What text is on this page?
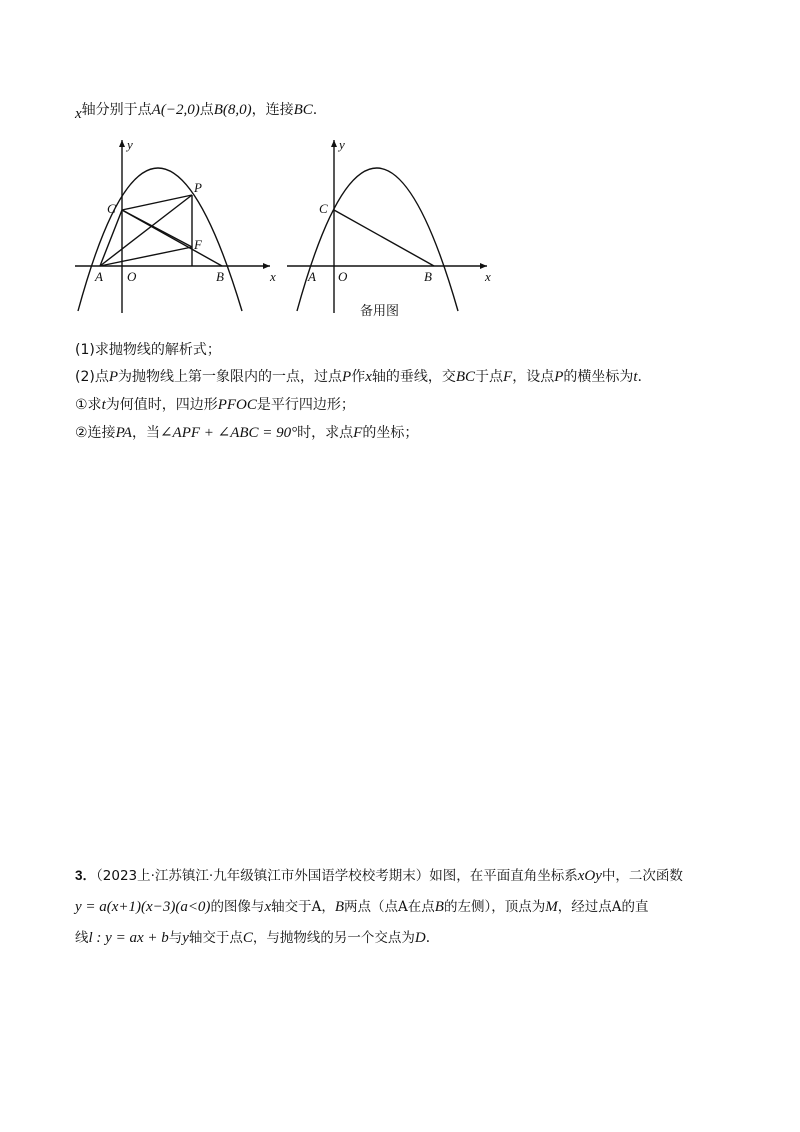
x轴分别于点A(−2,0)点B(8,0)，连接BC.
y
x
C
P
F
A O	B
y
x
C
A O	B
备用图
(1)求抛物线的解析式；
(2)点P为抛物线上第一象限内的一点，过点P作x轴的垂线，交BC于点F，设点P的横坐标为t.
①求t为何值时，四边形PFOC是平行四边形；
②连接PA，当∠APF + ∠ABC = 90°时，求点F的坐标；
3．（2023上·江苏镇江·九年级镇江市外国语学校校考期末）如图，在平面直角坐标系xOy中，二次函数
y = a(x+1)(x−3)(a<0)的图像与x轴交于A，B两点（点A在点B的左侧），顶点为M，经过点A的直
线l : y = ax + b与y轴交于点C，与抛物线的另一个交点为D.
